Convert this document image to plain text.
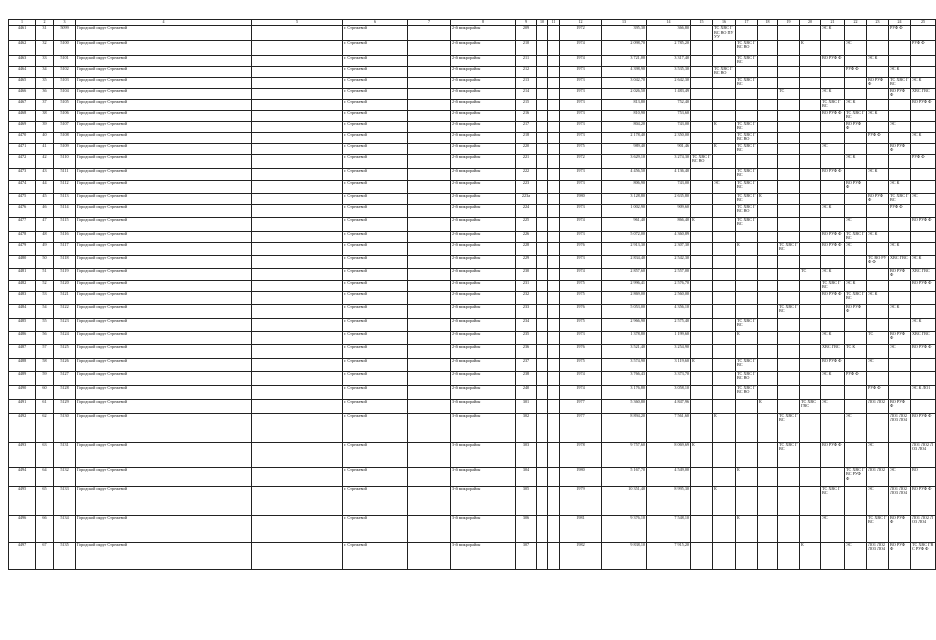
1	2	3	4	5	6	7	8	9	10	11	12	13	14	15	16	17	18	19	20	21	22	23	24	25
4461	31	5099	Городской округ Стрежевой		г. Стрежевой		2-й микрорайон	209			1972	395,30	366,80		ТС ХВС ГВС ВО ПУ УУ					ЭС К			РУФ Ф	
4462	32	5100	Городской округ Стрежевой		г. Стрежевой		2-й микрорайон	210			1974	2 098,70	2 785,20			ТС ХВС ГВС ВО			К		ЭС			РУФ Ф
4463	33	5101	Городской округ Стрежевой		г. Стрежевой		2-й микрорайон	211			1974	3 721,00	3 317,40			ТС ХВС ГВС				ВО РУФ Ф		ЭС К		
4464	34	5102	Городской округ Стрежевой		г. Стрежевой		2-й микрорайон	212			1973	4 398,90	3 535,30		ТС ХВС ГВС ВО						РУФ Ф		ЭС К	
4465	35	5103	Городской округ Стрежевой		г. Стрежевой		2-й микрорайон	213			1973	3 042,70	2 642,30			ТС ХВС ГВС						ВО РУФ Ф	ТС ХВС ГВС	ЭС К
4466	36	5104	Городской округ Стрежевой		г. Стрежевой		2-й микрорайон	214			1973	2 026,50	1 483,49					ТС		ЭС К			ВО РУФ Ф	ХВС ГВС
4467	37	5105	Городской округ Стрежевой		г. Стрежевой		2-й микрорайон	215			1973	813,80	752,40							ТС ХВС ГВС	ЭС К			ВО РУФ Ф
4468	38	5106	Городской округ Стрежевой		г. Стрежевой		2-й микрорайон	216			1973	810,90	753,60							ВО РУФ Ф	ТС ХВС ГВС	ЭС К		
4469	39	5107	Городской округ Стрежевой		г. Стрежевой		2-й микрорайон	217			1973	804,20	743,00		К	ТС ХВС ГВС					ВО РУФ Ф		ЭС	
4470	40	5108	Городской округ Стрежевой		г. Стрежевой		2-й микрорайон	218			1973	2 178,40	2 350,00			ТС ХВС ГВС ВО						РУФ Ф		ЭС К
4471	41	5109	Городской округ Стрежевой		г. Стрежевой		2-й микрорайон	220			1975	989,40	901,46		К	ТС ХВС ГВС				ЭС			ВО РУФ Ф	
4472	42	5110	Городской округ Стрежевой		г. Стрежевой		2-й микрорайон	221			1972	3 629,10	3 274,30	ТС ХВС ГВС ВО							ЭС К			РУФ Ф
4473	43	5111	Городской округ Стрежевой		г. Стрежевой		2-й микрорайон	222			1973	4 456,50	4 136,40			ТС ХВС ГВС				ВО РУФ Ф		ЭС К		
4474	44	5112	Городской округ Стрежевой		г. Стрежевой		2-й микрорайон	223			1973	806,90	743,00		ЭС	ТС ХВС ГВС					ВО РУФ Ф		ЭС К	
4475	45	5113	Городской округ Стрежевой		г. Стрежевой		2-й микрорайон	223а			1980	3 128,80	2 635,80			ТС ХВС ГВС	К					ВО РУФ Ф	ТС ХВС ГВС	ЭС
4476	46	5114	Городской округ Стрежевой		г. Стрежевой		2-й микрорайон	224			1973	1 002,90	909,60			ТС ХВС ГВС ВО				ЭС К			РУФ Ф	
4477	47	5115	Городской округ Стрежевой		г. Стрежевой		2-й микрорайон	225			1974	961,40	866,40	К		ТС ХВС ГВС					ЭС			ВО РУФ Ф
4478	48	5116	Городской округ Стрежевой		г. Стрежевой		2-й микрорайон	226			1973	5 072,00	4 360,89							ВО РУФ Ф	ТС ХВС ГВС	ЭС К		
4479	49	5117	Городской округ Стрежевой		г. Стрежевой		2-й микрорайон	228			1976	2 913,30	2 307,30			К		ТС ХВС ГВС		ВО РУФ Ф	ЭС		ЭС К	
4480	50	5118	Городской округ Стрежевой		г. Стрежевой		2-й микрорайон	229			1973	2 834,40	2 542,30									ТС ВО РУФ Ф	ХВС ГВС	ЭС К
4481	51	5119	Городской округ Стрежевой		г. Стрежевой		2-й микрорайон	230			1974	2 857,60	2 557,00						ТС	ЭС К			ВО РУФ Ф	ХВС ГВС
4482	52	5120	Городской округ Стрежевой		г. Стрежевой		2-й микрорайон	231			1975	2 996,41	2 576,70							ТС ХВС ГВС	ЭС К			ВО РУФ Ф
4483	53	5121	Городской округ Стрежевой		г. Стрежевой		2-й микрорайон	232			1975	2 869,00	2 560,00							ВО РУФ Ф	ТС ХВС ГВС	ЭС К		
4484	54	5122	Городской округ Стрежевой		г. Стрежевой		2-й микрорайон	233			1976	5 053,00	4 356,10					ТС ХВС ГВС			ВО РУФ Ф		ЭС К	
4485	55	5123	Городской округ Стрежевой		г. Стрежевой		2-й микрорайон	234			1975	2 966,90	2 575,40			ТС ХВС ГВС								ЭС К
4486	56	5124	Городской округ Стрежевой		г. Стрежевой		2-й микрорайон	235			1973	1 378,80	1 199,60			К				ЭС К		ТС	ВО РУФ Ф	ХВС ГВС
4487	57	5125	Городской округ Стрежевой		г. Стрежевой		2-й микрорайон	236			1976	3 521,40	3 254,90							ХВС ГВС	ТС К		ЭС	ВО РУФ Ф
4488	58	5126	Городской округ Стрежевой		г. Стрежевой		2-й микрорайон	237			1975	3 574,90	3 119,60	К		ТС ХВС ГВС				ВО РУФ Ф		ЭС		
4489	59	5127	Городской округ Стрежевой		г. Стрежевой		2-й микрорайон	238			1974	3 766,43	3 373,70			ТС ХВС ГВС ВО				ЭС К	РУФ Ф			
4490	60	5128	Городской округ Стрежевой		г. Стрежевой		2-й микрорайон	240			1974	3 176,80	3 058,10			ТС ХВС ГВС ВО						РУФ Ф		ЭС К ЛО1
4491	61	5129	Городской округ Стрежевой		г. Стрежевой		3-й микрорайон	301			1977	5 360,80	4 847,96				К		ТС ХВС ГВС	ЭС		ЛО1 ЛО2	ВО РУФ Ф	
4492	62	5130	Городской округ Стрежевой		г. Стрежевой		3-й микрорайон	302			1977	8 894,20	7 561,60		К			ТС ХВС ГВС			ЭС		ЛО1 ЛО2 ЛО3 ЛО4	ВО РУФ Ф
4493	63	5131	Городской округ Стрежевой		г. Стрежевой		3-й микрорайон	303			1978	9 757,60	8 069,69	К				ТС ХВС ГВС		ВО РУФ Ф		ЭС		ЛО1 ЛО2 ЛО3 ЛО4
4494	64	5132	Городской округ Стрежевой		г. Стрежевой		3-й микрорайон	304			1980	5 167,70	4 549,00			К					ТС ХВС ГВС РУФ Ф	ЛО1 ЛО2	ЭС	ВО
4495	65	5133	Городской округ Стрежевой		г. Стрежевой		3-й микрорайон	305			1979	10 351,40	8 995,30		К					ТС ХВС ГВС		ЭС	ЛО1 ЛО2 ЛО3 ЛО4	ВО РУФ Ф
4496	66	5134	Городской округ Стрежевой		г. Стрежевой		3-й микрорайон	306			1981	9 376,10	7 548,10			К				ЭС		ТС ХВС ГВС	ВО РУФ Ф	ЛО1 ЛО2 ЛО3 ЛО4
4497	67	5135	Городской округ Стрежевой		г. Стрежевой		3-й микрорайон	307			1982	9 838,10	7 915,20						К		ЭС	ЛО1 ЛО2 ЛО3 ЛО4	ВО РУФ Ф	ТС ХВС ГВС РУФ Ф
